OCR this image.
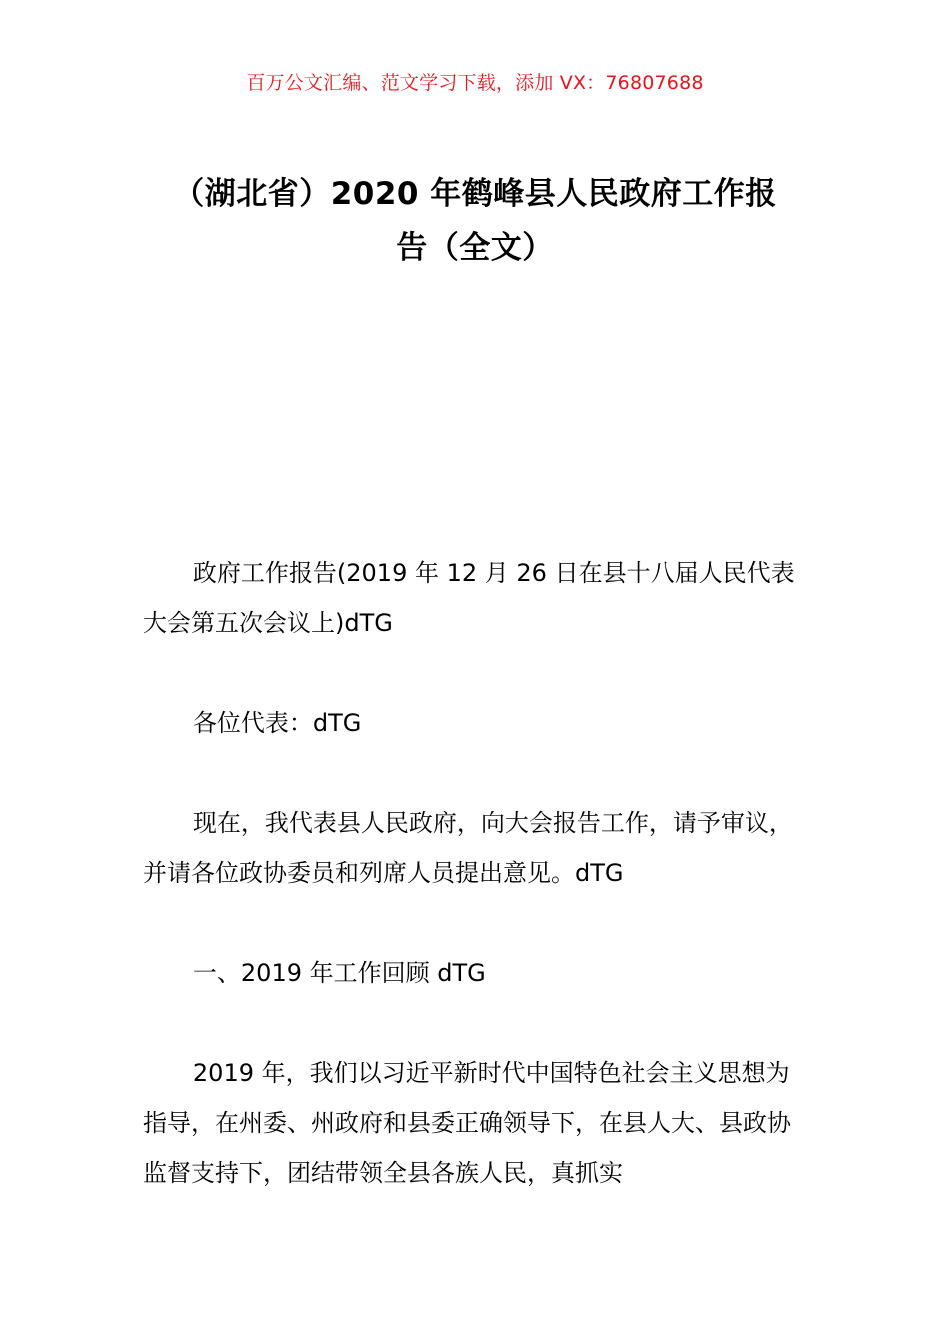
百万公文汇编、范文学习下载，添加 VX：76807688
（湖北省）2020 年鹤峰县人民政府工作报
告（全文）

政府工作报告(2019 年 12 月 26 日在县十八届人民代表大会第五次会议上)dTG

各位代表：dTG

现在，我代表县人民政府，向大会报告工作，请予审议，并请各位政协委员和列席人员提出意见。dTG

一、2019 年工作回顾 dTG

2019 年，我们以习近平新时代中国特色社会主义思想为指导，在州委、州政府和县委正确领导下，在县人大、县政协监督支持下，团结带领全县各族人民，真抓实
